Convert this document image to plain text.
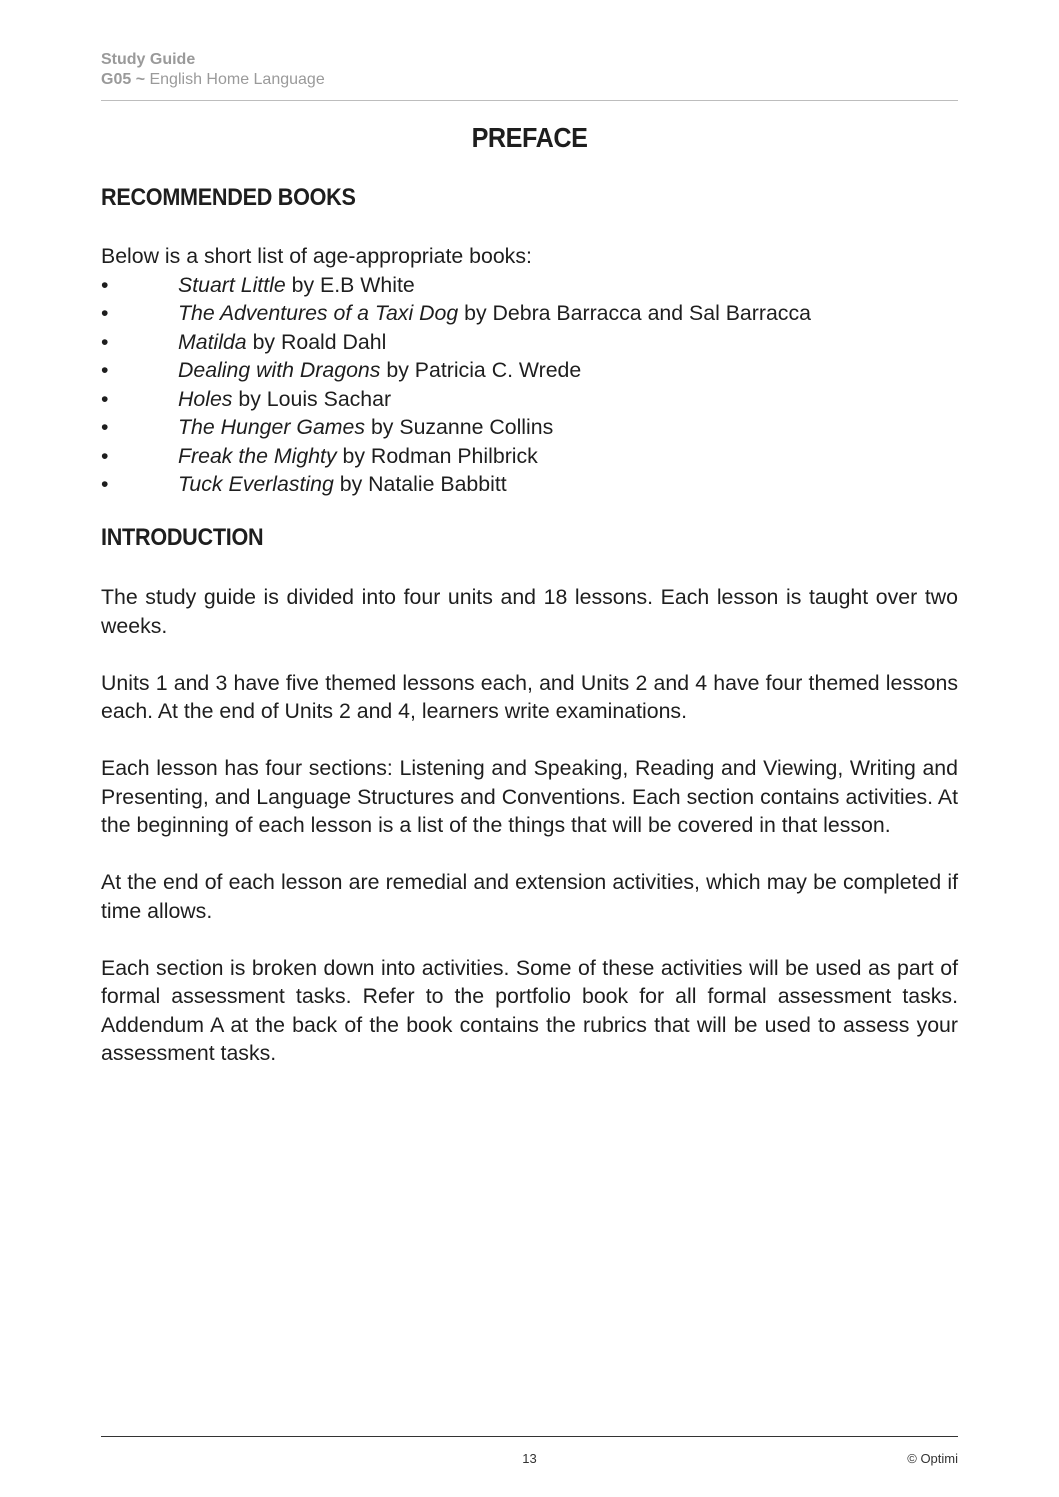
Study Guide
G05 ~ English Home Language
PREFACE
RECOMMENDED BOOKS
Below is a short list of age-appropriate books:
•	Stuart Little by E.B White
•	The Adventures of a Taxi Dog by Debra Barracca and Sal Barracca
•	Matilda by Roald Dahl
•	Dealing with Dragons by Patricia C. Wrede
•	Holes by Louis Sachar
•	The Hunger Games by Suzanne Collins
•	Freak the Mighty by Rodman Philbrick
•	Tuck Everlasting by Natalie Babbitt
INTRODUCTION

The study guide is divided into four units and 18 lessons. Each lesson is taught over two weeks.

Units 1 and 3 have five themed lessons each, and Units 2 and 4 have four themed lessons each. At the end of Units 2 and 4, learners write examinations.

Each lesson has four sections: Listening and Speaking, Reading and Viewing, Writing and Presenting, and Language Structures and Conventions. Each section contains activities. At the beginning of each lesson is a list of the things that will be covered in that lesson.

At the end of each lesson are remedial and extension activities, which may be completed if time allows.

Each section is broken down into activities. Some of these activities will be used as part of formal assessment tasks. Refer to the portfolio book for all formal assessment tasks. Addendum A at the back of the book contains the rubrics that will be used to assess your assessment tasks.

13	© Optimi
